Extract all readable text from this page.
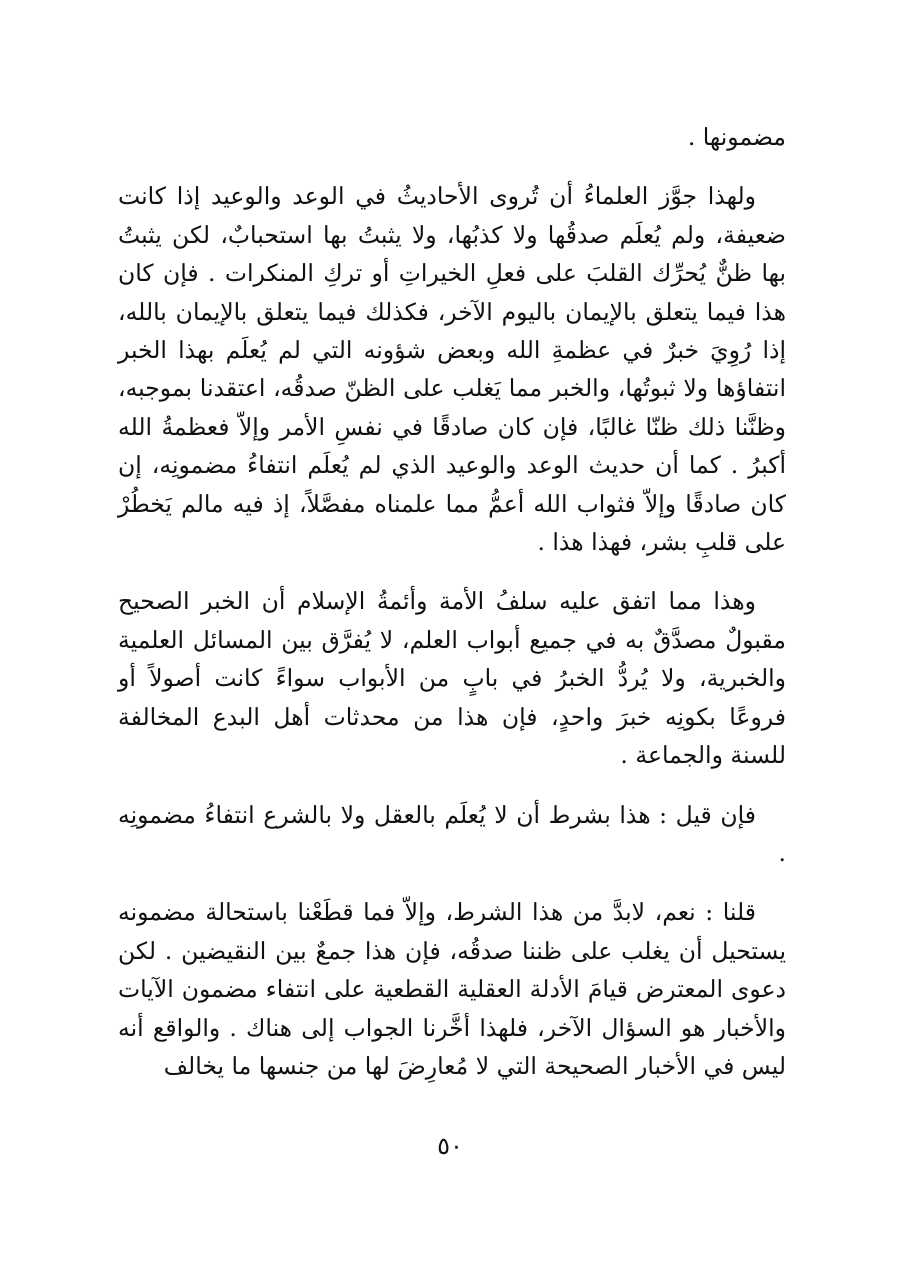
مضمونها .

ولهذا جوَّز العلماءُ أن تُروى الأحاديثُ في الوعد والوعيد إذا كانت ضعيفة، ولم يُعلَم صدقُها ولا كذبُها، ولا يثبتُ بها استحبابٌ، لكن يثبتُ بها ظنٌّ يُحرِّك القلبَ على فعلِ الخيراتِ أو تركِ المنكرات . فإن كان هذا فيما يتعلق بالإيمان باليوم الآخر، فكذلك فيما يتعلق بالإيمان بالله، إذا رُوِيَ خبرٌ في عظمةِ الله وبعض شؤونه التي لم يُعلَم بهذا الخبر انتفاؤها ولا ثبوتُها، والخبر مما يَغلب على الظنّ صدقُه، اعتقدنا بموجبه، وظنَّنا ذلك ظنّا غالبًا، فإن كان صادقًا في نفسِ الأمر وإلاّ فعظمةُ الله أكبرُ . كما أن حديث الوعد والوعيد الذي لم يُعلَم انتفاءُ مضمونِه، إن كان صادقًا وإلاّ فثواب الله أعمُّ مما علمناه مفصَّلاً، إذ فيه مالم يَخطُرْ على قلبِ بشر، فهذا هذا .

وهذا مما اتفق عليه سلفُ الأمة وأئمةُ الإسلام أن الخبر الصحيح مقبولٌ مصدَّقٌ به في جميع أبواب العلم، لا يُفرَّق بين المسائل العلمية والخبرية، ولا يُردُّ الخبرُ في بابٍ من الأبواب سواءً كانت أصولاً أو فروعًا بكونِه خبرَ واحدٍ، فإن هذا من محدثات أهل البدع المخالفة للسنة والجماعة .

فإن قيل : هذا بشرط أن لا يُعلَم بالعقل ولا بالشرع انتفاءُ مضمونِه .

قلنا : نعم، لابدَّ من هذا الشرط، وإلاّ فما قطَعْنا باستحالة مضمونه يستحيل أن يغلب على ظننا صدقُه، فإن هذا جمعٌ بين النقيضين . لكن دعوى المعترض قيامَ الأدلة العقلية القطعية على انتفاء مضمون الآيات والأخبار هو السؤال الآخر، فلهذا أخَّرنا الجواب إلى هناك . والواقع أنه ليس في الأخبار الصحيحة التي لا مُعارِضَ لها من جنسها ما يخالف

٥٠
